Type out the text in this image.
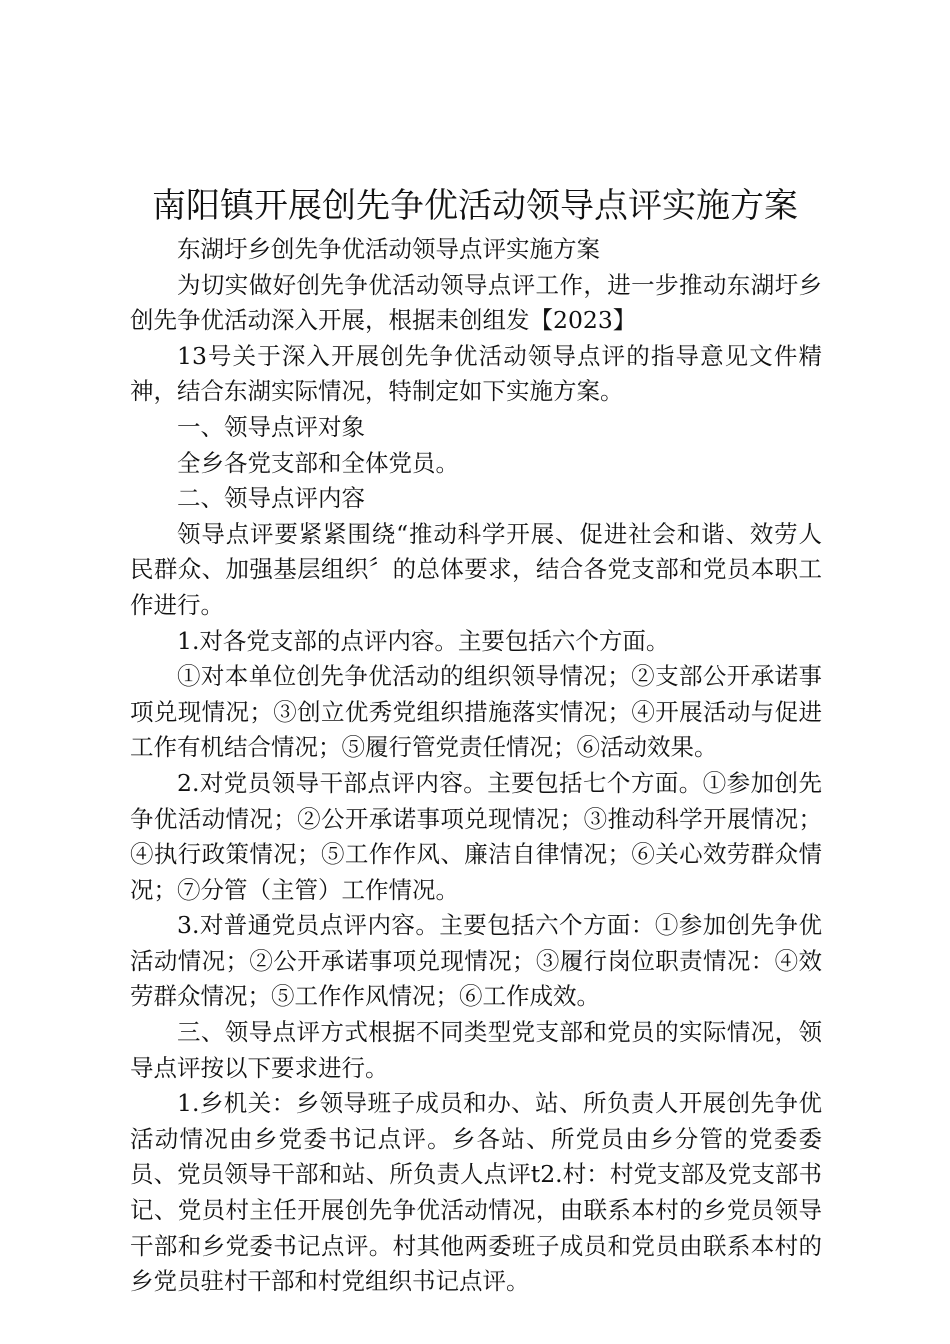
南阳镇开展创先争优活动领导点评实施方案

东湖圩乡创先争优活动领导点评实施方案

为切实做好创先争优活动领导点评工作，进一步推动东湖圩乡创先争优活动深入开展，根据耒创组发【2023】

13号关于深入开展创先争优活动领导点评的指导意见文件精神，结合东湖实际情况，特制定如下实施方案。

一、领导点评对象

全乡各党支部和全体党员。

二、领导点评内容

领导点评要紧紧围绕“推动科学开展、促进社会和谐、效劳人民群众、加强基层组织〞的总体要求，结合各党支部和党员本职工作进行。

1.对各党支部的点评内容。主要包括六个方面。

①对本单位创先争优活动的组织领导情况；②支部公开承诺事项兑现情况；③创立优秀党组织措施落实情况；④开展活动与促进工作有机结合情况；⑤履行管党责任情况；⑥活动效果。

2.对党员领导干部点评内容。主要包括七个方面。①参加创先争优活动情况；②公开承诺事项兑现情况；③推动科学开展情况；④执行政策情况；⑤工作作风、廉洁自律情况；⑥关心效劳群众情况；⑦分管（主管）工作情况。

3.对普通党员点评内容。主要包括六个方面：①参加创先争优活动情况；②公开承诺事项兑现情况；③履行岗位职责情况：④效劳群众情况；⑤工作作风情况；⑥工作成效。

三、领导点评方式根据不同类型党支部和党员的实际情况，领导点评按以下要求进行。

1.乡机关：乡领导班子成员和办、站、所负责人开展创先争优活动情况由乡党委书记点评。乡各站、所党员由乡分管的党委委员、党员领导干部和站、所负责人点评t2.村：村党支部及党支部书记、党员村主任开展创先争优活动情况，由联系本村的乡党员领导干部和乡党委书记点评。村其他两委班子成员和党员由联系本村的乡党员驻村干部和村党组织书记点评。
